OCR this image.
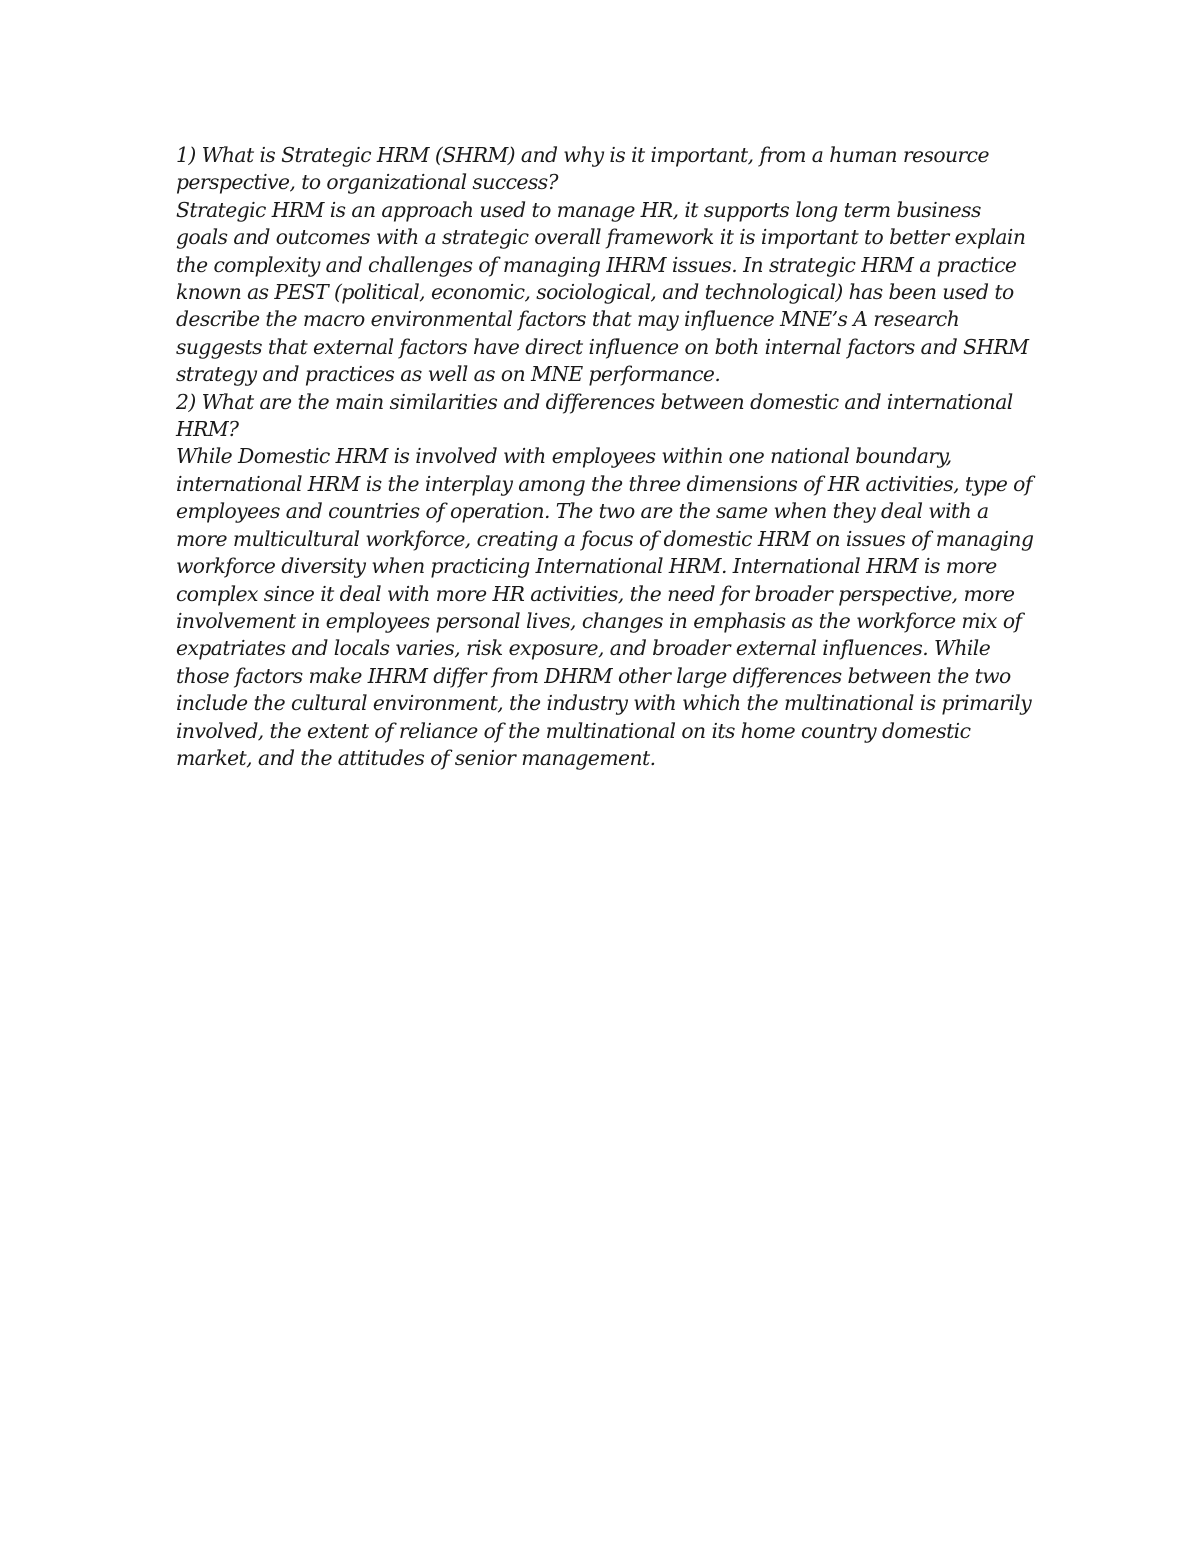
1) What is Strategic HRM (SHRM) and why is it important, from a human resource perspective, to organizational success?

Strategic HRM is an approach used to manage HR, it supports long term business goals and outcomes with a strategic overall framework it is important to better explain the complexity and challenges of managing IHRM issues. In strategic HRM a practice known as PEST (political, economic, sociological, and technological) has been used to describe the macro environmental factors that may influence MNE’s A research suggests that external factors have direct influence on both internal factors and SHRM strategy and practices as well as on MNE performance.

2) What are the main similarities and differences between domestic and international HRM?

While Domestic HRM is involved with employees within one national boundary, international HRM is the interplay among the three dimensions of HR activities, type of employees and countries of operation. The two are the same when they deal with a more multicultural workforce, creating a focus of domestic HRM on issues of managing workforce diversity when practicing International HRM. International HRM is more complex since it deal with more HR activities, the need for broader perspective, more involvement in employees personal lives, changes in emphasis as the workforce mix of expatriates and locals varies, risk exposure, and broader external influences. While those factors make IHRM differ from DHRM other large differences between the two include the cultural environment, the industry with which the multinational is primarily involved, the extent of reliance of the multinational on its home country domestic market, and the attitudes of senior management.
